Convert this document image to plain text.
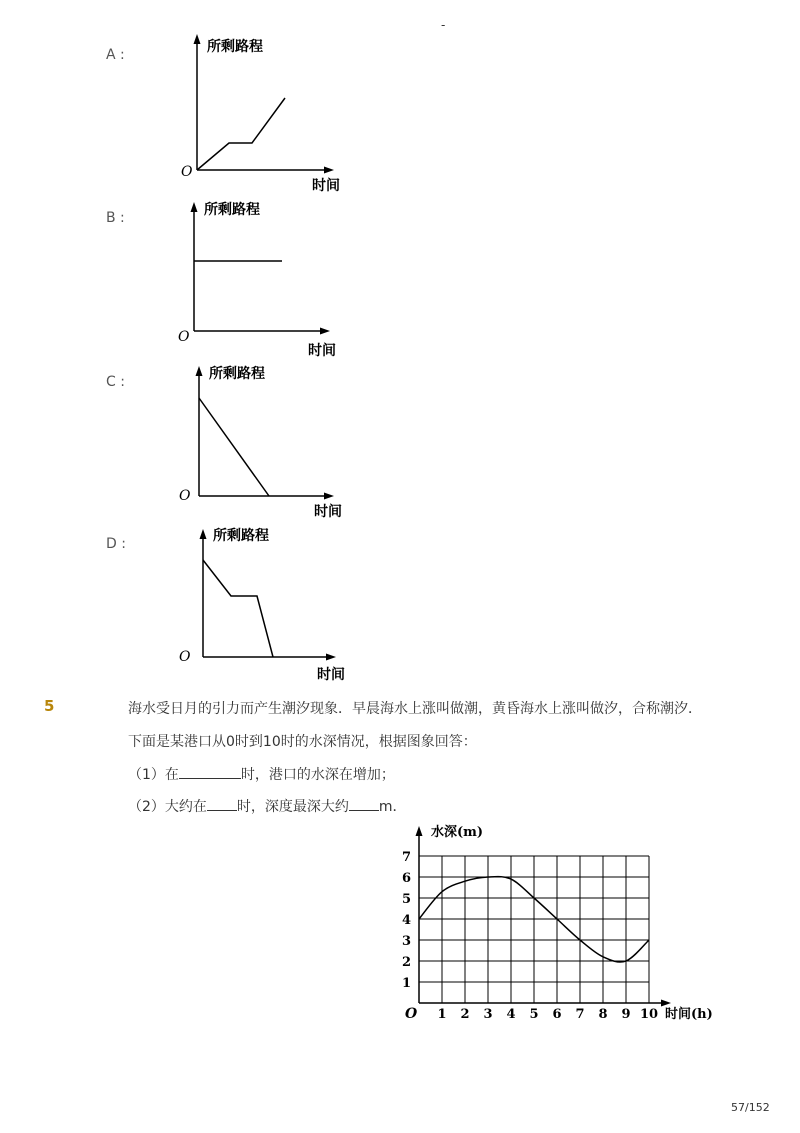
-
A :	所剩路程
时间
O
B :	所剩路程
时间
O
C :	所剩路程
时间
O
D :	所剩路程
时间
O
5	海水受日月的引力而产生潮汐现象．早晨海水上涨叫做潮，黄昏海水上涨叫做汐，合称潮汐．
下面是某港口从0时到10时的水深情况，根据图象回答：
（1）在	时，港口的水深在增加；
（2）大约在 时，深度最深大约 m．
1 2 3 4 5 6 7 8 9 10
1
2
3
4
5
6
7
水深(m)
时间(h)
O
57/152
